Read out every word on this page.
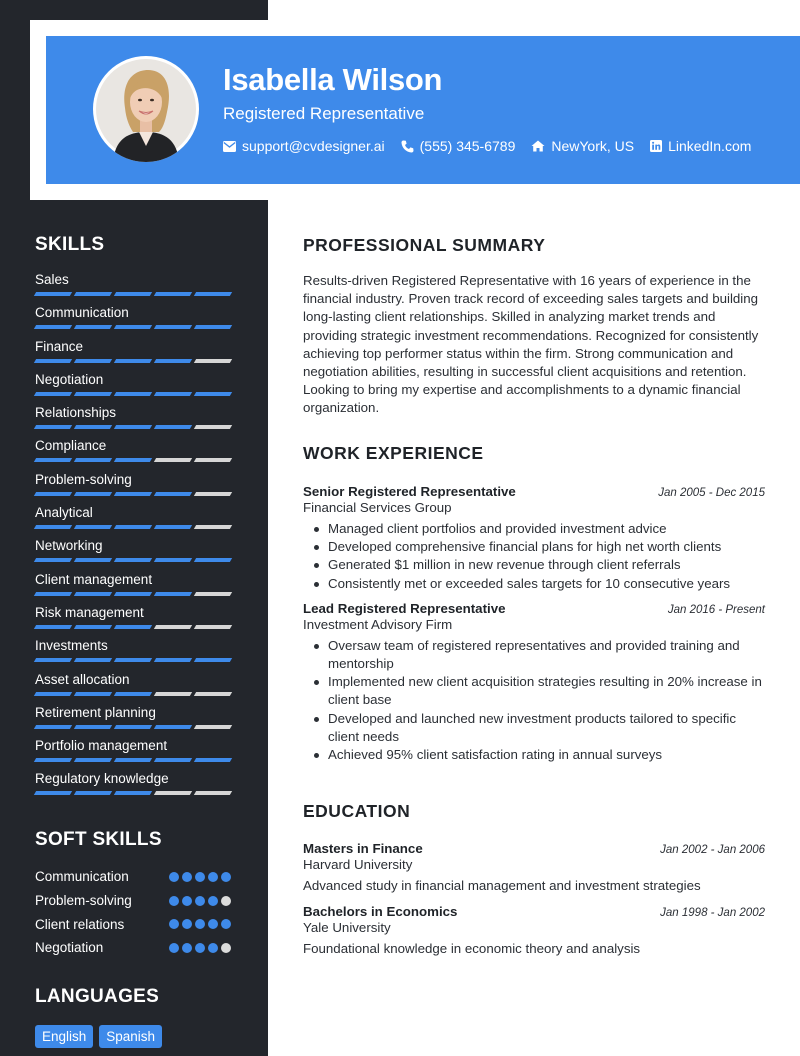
Isabella Wilson
Registered Representative
support@cvdesigner.ai	(555) 345-6789	NewYork, US LinkedIn.com
SKILLS
Sales
Communication
Finance
Negotiation
Relationships
Compliance
Problem-solving
Analytical
Networking
Client management
Risk management
Investments
Asset allocation
Retirement planning
Portfolio management
Regulatory knowledge
SOFT SKILLS
Communication
Problem-solving
Client relations
Negotiation
LANGUAGES
English	Spanish
PROFESSIONAL SUMMARY
Results-driven Registered Representative with 16 years of experience in the financial industry. Proven track record of exceeding sales targets and building long-lasting client relationships. Skilled in analyzing market trends and providing strategic investment recommendations. Recognized for consistently achieving top performer status within the firm. Strong communication and negotiation abilities, resulting in successful client acquisitions and retention. Looking to bring my expertise and accomplishments to a dynamic financial organization.
WORK EXPERIENCE
Senior Registered Representative	Jan 2005 - Dec 2015
Financial Services Group
Managed client portfolios and provided investment advice
Developed comprehensive financial plans for high net worth clients
Generated $1 million in new revenue through client referrals
Consistently met or exceeded sales targets for 10 consecutive years
Lead Registered Representative	Jan 2016 - Present
Investment Advisory Firm
Oversaw team of registered representatives and provided training and mentorship
Implemented new client acquisition strategies resulting in 20% increase in client base
Developed and launched new investment products tailored to specific client needs
Achieved 95% client satisfaction rating in annual surveys
EDUCATION
Masters in Finance	Jan 2002 - Jan 2006
Harvard University
Advanced study in financial management and investment strategies
Bachelors in Economics	Jan 1998 - Jan 2002
Yale University
Foundational knowledge in economic theory and analysis
